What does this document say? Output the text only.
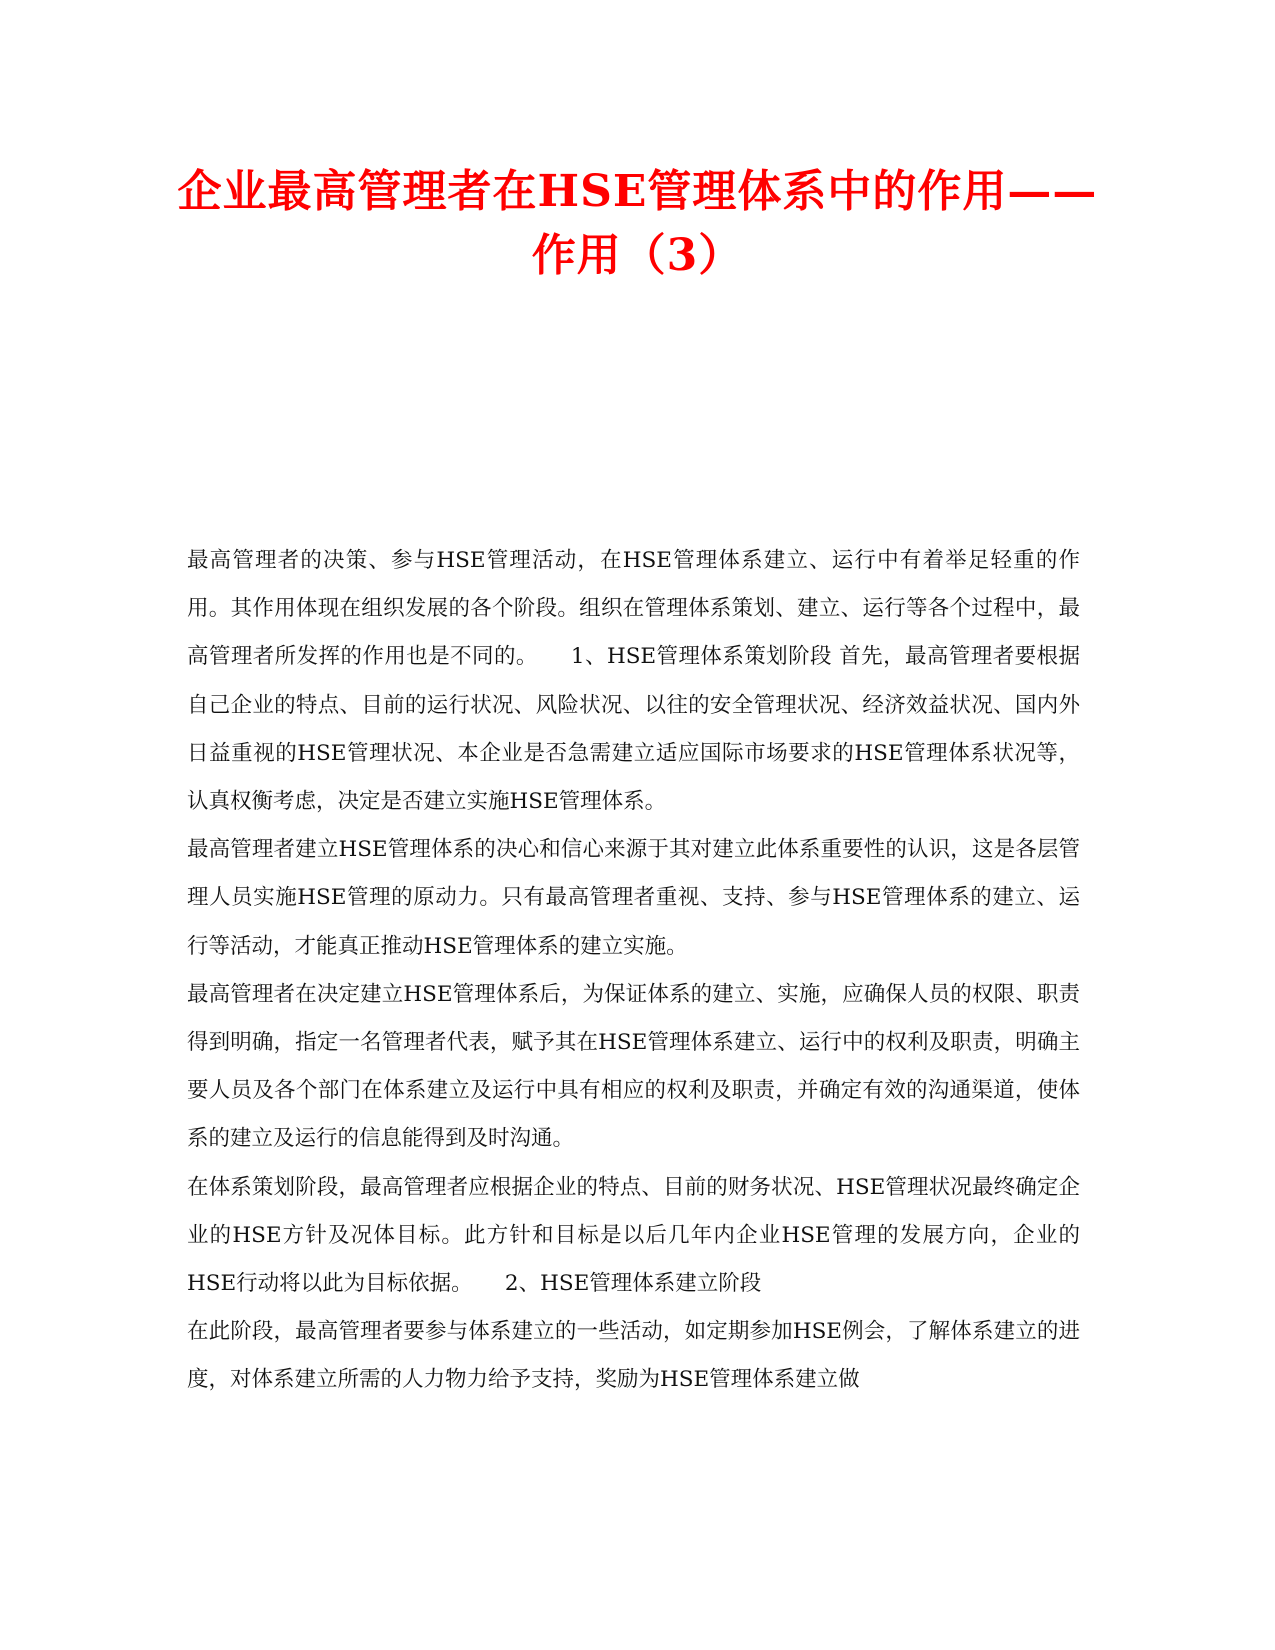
企业最高管理者在HSE管理体系中的作用——
作用（3）

最高管理者的决策、参与HSE管理活动，在HSE管理体系建立、运行中有着举足轻重的作用。其作用体现在组织发展的各个阶段。组织在管理体系策划、建立、运行等各个过程中，最高管理者所发挥的作用也是不同的。　　1、HSE管理体系策划阶段 首先，最高管理者要根据自己企业的特点、目前的运行状况、风险状况、以往的安全管理状况、经济效益状况、国内外日益重视的HSE管理状况、本企业是否急需建立适应国际市场要求的HSE管理体系状况等，认真权衡考虑，决定是否建立实施HSE管理体系。

最高管理者建立HSE管理体系的决心和信心来源于其对建立此体系重要性的认识，这是各层管理人员实施HSE管理的原动力。只有最高管理者重视、支持、参与HSE管理体系的建立、运行等活动，才能真正推动HSE管理体系的建立实施。

最高管理者在决定建立HSE管理体系后，为保证体系的建立、实施，应确保人员的权限、职责得到明确，指定一名管理者代表，赋予其在HSE管理体系建立、运行中的权利及职责，明确主要人员及各个部门在体系建立及运行中具有相应的权利及职责，并确定有效的沟通渠道，使体系的建立及运行的信息能得到及时沟通。

在体系策划阶段，最高管理者应根据企业的特点、目前的财务状况、HSE管理状况最终确定企业的HSE方针及况体目标。此方针和目标是以后几年内企业HSE管理的发展方向，企业的HSE行动将以此为目标依据。　　2、HSE管理体系建立阶段

在此阶段，最高管理者要参与体系建立的一些活动，如定期参加HSE例会，了解体系建立的进度，对体系建立所需的人力物力给予支持，奖励为HSE管理体系建立做
